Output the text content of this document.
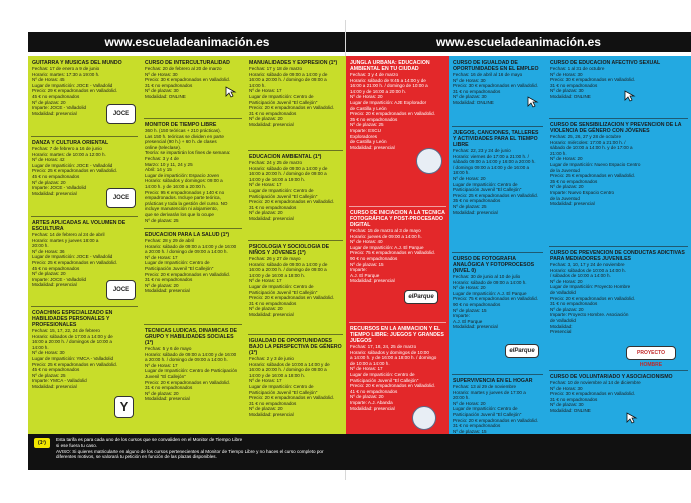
www.escueladeanimación.es	www.escueladeanimación.es
GUITARRA Y MÚSICAS DEL MUNDO
Fechas: 17 de enero a 9 de junio
Horario: martes: 17:30 a 19:00 h.
Nº de Horas: 45
Lugar de Impartición: JOCE - Valladolid
Precio: 29 € empadronados en Valladolid.
45 € no empadronados
Nº de plazas: 20
Imparte: JOCE - Valladolid
Modalidad: presencial	JOCE
DANZA Y CULTURA ORIENTAL
Fechas: 7 de febrero a 16 de junio
Horario: martes: de 10:00 a 12:00 h.
Nº de Horas: 42
Lugar de Impartición: JOCE - Valladolid
Precio: 25 € empadronados en Valladolid.
45 € no empadronados
Nº de plazas: 20
Imparte: JOCE - Valladolid
Modalidad: presencial
JOCE
ARTES APLICADAS AL VOLUMEN DE ESCULTURA
Fechas: 14 de febrero al 24 de abril
Horario: martes y jueves 18:00 a
20:00 h.
Nº de Horas: 36
Lugar de Impartición: JOCE - Valladolid
Precio: 25 € empadronados en Valladolid.
45 € no empadronados
Nº de plazas: 20
Imparte: JOCE - Valladolid
Modalidad: presencial
JOCE
COACHING ESPECIALIZADO EN HABILIDADES PERSONALES Y PROFESIONALES
Fechas: 15, 17, 22, 24 de febrero
Horario: sábados de 17:00 a 14:00 y de
16:00 a 20:00 h. / domingos de 10:00 a
14:00 h.
Nº de Horas: 30
Lugar de Impartición: YMCA - Valladolid
Precio: 25 € empadronados en Valladolid.
45 € no empadronados
Nº de plazas: 25
Imparte: YMCA - Valladolid
Modalidad: presencial
Y
CURSO DE INTERCULTURALIDAD
Fechas: 20 de febrero al 20 de marzo
Nº de Horas: 30
Precio: 30 € empadronados en Valladolid.
31 € no empadronados
Nº de plazas: 30
Modalidad: ONLINE
MONITOR DE TIEMPO LIBRE
360 h. (150 teóricas + 210 prácticas).
Las 150 h. teóricas se dividen en parte
presencial (90 h.) + 60 h. de clases
online (teleclase).
Teoría: se impartirán los fines de semana:
Fechas: 3 y 4 de
Marzo: 10 y 11, 24 y 25
Abril: 14 y 15
Lugar de impartición: Espacio Joven
Horario: sábados y domingos: 09:00 a
14:00 h. y de 16:00 a 20:00 h.
Precio: 95 € empadronados y 140 € no
empadronados. Incluye parte teórica,
prácticas y toda la gestión del curso. NO
incluye manutención ni alojamiento,
que se derivarán los que lo ocupe
Nº de plazas: 25
EDUCACIÓN PARA LA SALUD (1º)
Fechas: 28 y 29 de abril
Horario: sábado de 09:00 a 14:00 y de 16:00
a 20:00 h. / domingo de 09:00 a 14:00 h.
Nº de Horas: 17
Lugar de Impartición: Centro de
Participación Juvenil "El Callejón"
Precio: 20 € empadronados en Valladolid.
31 € no empadronados
Nº de plazas: 20
Modalidad: presencial
TÉCNICAS LÚDICAS, DINÁMICAS DE GRUPO Y HABILIDADES SOCIALES (1º)
Fechas: 5 y 6 de mayo
Horario: sábado de 09:00 a 14:00 y de 16:00
a 20:00 h. / domingo de 09:00 a 14:00 h.
Nº de Horas: 17
Lugar de Impartición: Centro de Participación
Juvenil "El Callejón"
Precio: 20 € empadronados en Valladolid.
31 € no empadronados
Nº de plazas: 20
Modalidad: presencial
MANUALIDADES Y EXPRESIÓN (1º)
Fechas: 17 y 18 de marzo
Horario: sábado de 09:00 a 14:00 y de
16:00 a 20:00 h. / domingo de 09:00 a
14:00 h.
Nº de Horas: 17
Lugar de Impartición: Centro de
Participación Juvenil "El Callejón"
Precio: 20 € empadronados en Valladolid.
31 € no empadronados
Nº de plazas: 20
Modalidad: presencial
EDUCACIÓN AMBIENTAL (1º)
Fechas: 24 y 25 de marzo
Horario: sábado de 09:00 a 14:00 y de
16:00 a 20:00 h. / domingo de 09:00 a
14:00 y de 16:00 a 19:00 h.
Nº de Horas: 17
Lugar de Impartición: Centro de
Participación Juvenil "El Callejón"
Precio: 20 € empadronados en Valladolid.
31 € no empadronados
Nº de plazas: 20
Modalidad: presencial
PSICOLOGÍA Y SOCIOLOGÍA DE NIÑOS Y JÓVENES (1º)
Fechas: 26 y 27 de mayo
Horario: sábado de 09:00 a 14:00 y de
16:00 a 20:00 h. / domingo de 09:00 a
14:00 y de 16:00 a 18:00 h.
Nº de Horas: 17
Lugar de Impartición: Centro de
Participación Juvenil "El Callejón"
Precio: 20 € empadronados en Valladolid.
31 € no empadronados
Nº de plazas: 20
Modalidad: presencial
IGUALDAD DE OPORTUNIDADES BAJO LA PERSPECTIVA DE GÉNERO (1º)
Fechas: 2 y 3 de junio
Horario: sábados de 10:00 a 14:00 y de
16:00 a 20:00 h. / domingo de 09:00 a
14:00 y de 16:00 a 18:00 h.
Nº de Horas: 17
Lugar de Impartición: Centro de
Participación Juvenil "El Callejón"
Precio: 20 € empadronados en Valladolid.
31 € no empadronados
Nº de plazas: 20
Modalidad: presencial
JUNGLA URBANA: EDUCACIÓN AMBIENTAL EN TU CIUDAD
Fechas: 3 y 4 de marzo
Horario: sábado de 9:45 a 14:00 y de
16:00 a 21:00 h. / domingo de 10:00 a
14:00 y de 16:00 a 20:00 h.
Nº de Horas: 20
Lugar de Impartición: AJE Explorador
de Castilla y León
Precio: 20 € empadronados en Valladolid.
35 € no empadronados
Nº de plazas: 25
Imparte: ESCU
Exploradores
de Castilla y León
Modalidad: presencial
CURSO DE INICIACIÓN A LA TÉCNICA FOTOGRÁFICA Y POST-PROCESADO DIGITAL
Fechas: 15 de marzo al 3 de mayo
Horario: jueves de 09:00 a 14:00 h.
Nº de Horas: 40
Lugar de Impartición: A.J. El Parque
Precio: 75 € empadronados en Valladolid.
90 € no empadronados
Nº de plazas: 15
Imparte:
A.J. El Parque
Modalidad: presencial
elParque
RECURSOS EN LA ANIMACIÓN Y EL TIEMPO LIBRE: JUEGOS Y GRANDES JUEGOS
Fechas: 17, 18, 24, 25 de marzo
Horario: sábados y domingos de 10:00
a 14:00 h. y de 16:00 a 18:00 h. / domingo
de 10:00 a 14:00 h.
Nº de Horas: 17
Lugar de Impartición: Centro de
Participación Juvenil "El Callejón"
Precio: 20 € empadronados en Valladolid.
41 € no empadronados
Nº de plazas: 20
Imparte: A.J. Abanda
Modalidad: presencial
CURSO DE IGUALDAD DE OPORTUNIDADES EN EL EMPLEO
Fechas: 16 de abril al 16 de mayo
Nº de Horas: 30
Precio: 30 € empadronados en Valladolid.
31 € no empadronados
Nº de plazas: 30
Modalidad: ONLINE
JUEGOS, CANCIONES, TALLERES Y ACTIVIDADES PARA EL TIEMPO LIBRE
Fechas: 22, 23 y 24 de junio
Horario: viernes de 17:00 a 21:00 h. /
sábado 09:00 a 14:00 y 16:00 a 20:00 h.
/ domingo 09:00 a 14:00 y de 16:00 a
18:00 h.
Nº de Horas: 20
Lugar de Impartición: Centro de
Participación Juvenil "El Callejón"
Precio: 25 € empadronados en Valladolid.
35 € no empadronados
Nº de plazas: 25
Modalidad: presencial
CURSO DE FOTOGRAFÍA ANALÓGICA Y FOTOPROCESOS (NIVEL 0)
Fechas: 30 de junio al 10 de julio
Horario: sábado de 09:00 a 14:00 h.
Nº de Horas: 20
Lugar de Impartición: A.J. El Parque
Precio: 75 € empadronados en Valladolid.
90 € no empadronados
Nº de plazas: 15
Imparte:
A.J. El Parque
Modalidad: presencial
elParque
SUPERVIVENCIA EN EL HOGAR
Fechas: 13 al 29 de noviembre
Horario: martes y jueves de 17:00 a
20:00 h.
Nº de Horas: 20
Lugar de Impartición: Centro de
Participación Juvenil "El Callejón"
Precio: 20 € empadronados en Valladolid.
31 € no empadronados
Nº de plazas: 15
CURSO DE EDUCACIÓN AFECTIVO SEXUAL
Fechas: 1 al 31 de octubre
Nº de Horas: 30
Precio: 30 € empadronados en Valladolid.
31 € no empadronados
Nº de plazas: 30
Modalidad: ONLINE
CURSO DE SENSIBILIZACIÓN Y PREVENCIÓN DE LA VIOLENCIA DE GÉNERO CON JÓVENES
Fechas: 25, 26, 27 y 28 de octubre
Horario: miércoles: 17:00 a 21:00 h. /
sábado de 10:00 a 14:00 h. y de 17:00 a
21:00 h.
Nº de Horas: 20
Lugar de Impartición: Nuevo Espacio Centro
de la Juventud
Precio: 25 € empadronados en Valladolid.
35 € no empadronados
Nº de plazas: 20
Imparte: Nuevo Espacio Centro
de la Juventud
Modalidad: presencial
CURSO DE PREVENCIÓN DE CONDUCTAS ADICTIVAS PARA MEDIADORES JUVENILES
Fechas: 3, 10, 17 y 24 de noviembre
Horario: sábados de 10:00 a 14:00 h.
/ sábados de 10:00 a 14:00 h.
Nº de Horas: 20
Lugar de Impartición: Proyecto Hombre
de Valladolid
Precio: 20 € empadronados en Valladolid.
31 € no empadronados
Nº de plazas: 20
Imparte: Proyecto Hombre. Asociación
de Valladolid
Modalidad:
Presencial
PROYECTO HOMBRE
CURSO DE VOLUNTARIADO Y ASOCIACIONISMO
Fechas: 10 de noviembre al 14 de diciembre
Nº de Horas: 30
Precio: 30 € empadronados en Valladolid.
31 € no empadronados
Nº de plazas: 30
Modalidad: ONLINE
(1º)
Esta tarifa es para cada uno de los cursos que se convaliden en el Monitor de Tiempo Libre
si ese fuera tu caso.
AVISO: Si quieres matricularte en alguno de los cursos pertenecientes al Monitor de Tiempo Libre y no haces el curso completo por diferentes motivos, se valorará tu petición en función de las plazas disponibles.
